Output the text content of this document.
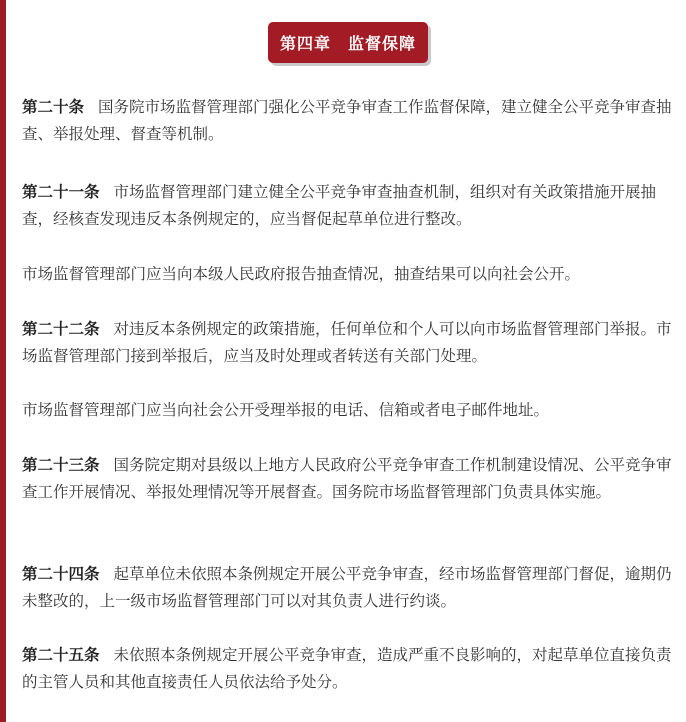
第四章　监督保障

第二十条 国务院市场监督管理部门强化公平竞争审查工作监督保障，建立健全公平竞争审查抽查、举报处理、督查等机制。

第二十一条 市场监督管理部门建立健全公平竞争审查抽查机制，组织对有关政策措施开展抽查，经核查发现违反本条例规定的，应当督促起草单位进行整改。

市场监督管理部门应当向本级人民政府报告抽查情况，抽查结果可以向社会公开。

第二十二条 对违反本条例规定的政策措施，任何单位和个人可以向市场监督管理部门举报。市场监督管理部门接到举报后，应当及时处理或者转送有关部门处理。

市场监督管理部门应当向社会公开受理举报的电话、信箱或者电子邮件地址。

第二十三条 国务院定期对县级以上地方人民政府公平竞争审查工作机制建设情况、公平竞争审查工作开展情况、举报处理情况等开展督查。国务院市场监督管理部门负责具体实施。

第二十四条 起草单位未依照本条例规定开展公平竞争审查，经市场监督管理部门督促，逾期仍未整改的，上一级市场监督管理部门可以对其负责人进行约谈。

第二十五条 未依照本条例规定开展公平竞争审查，造成严重不良影响的，对起草单位直接负责的主管人员和其他直接责任人员依法给予处分。
